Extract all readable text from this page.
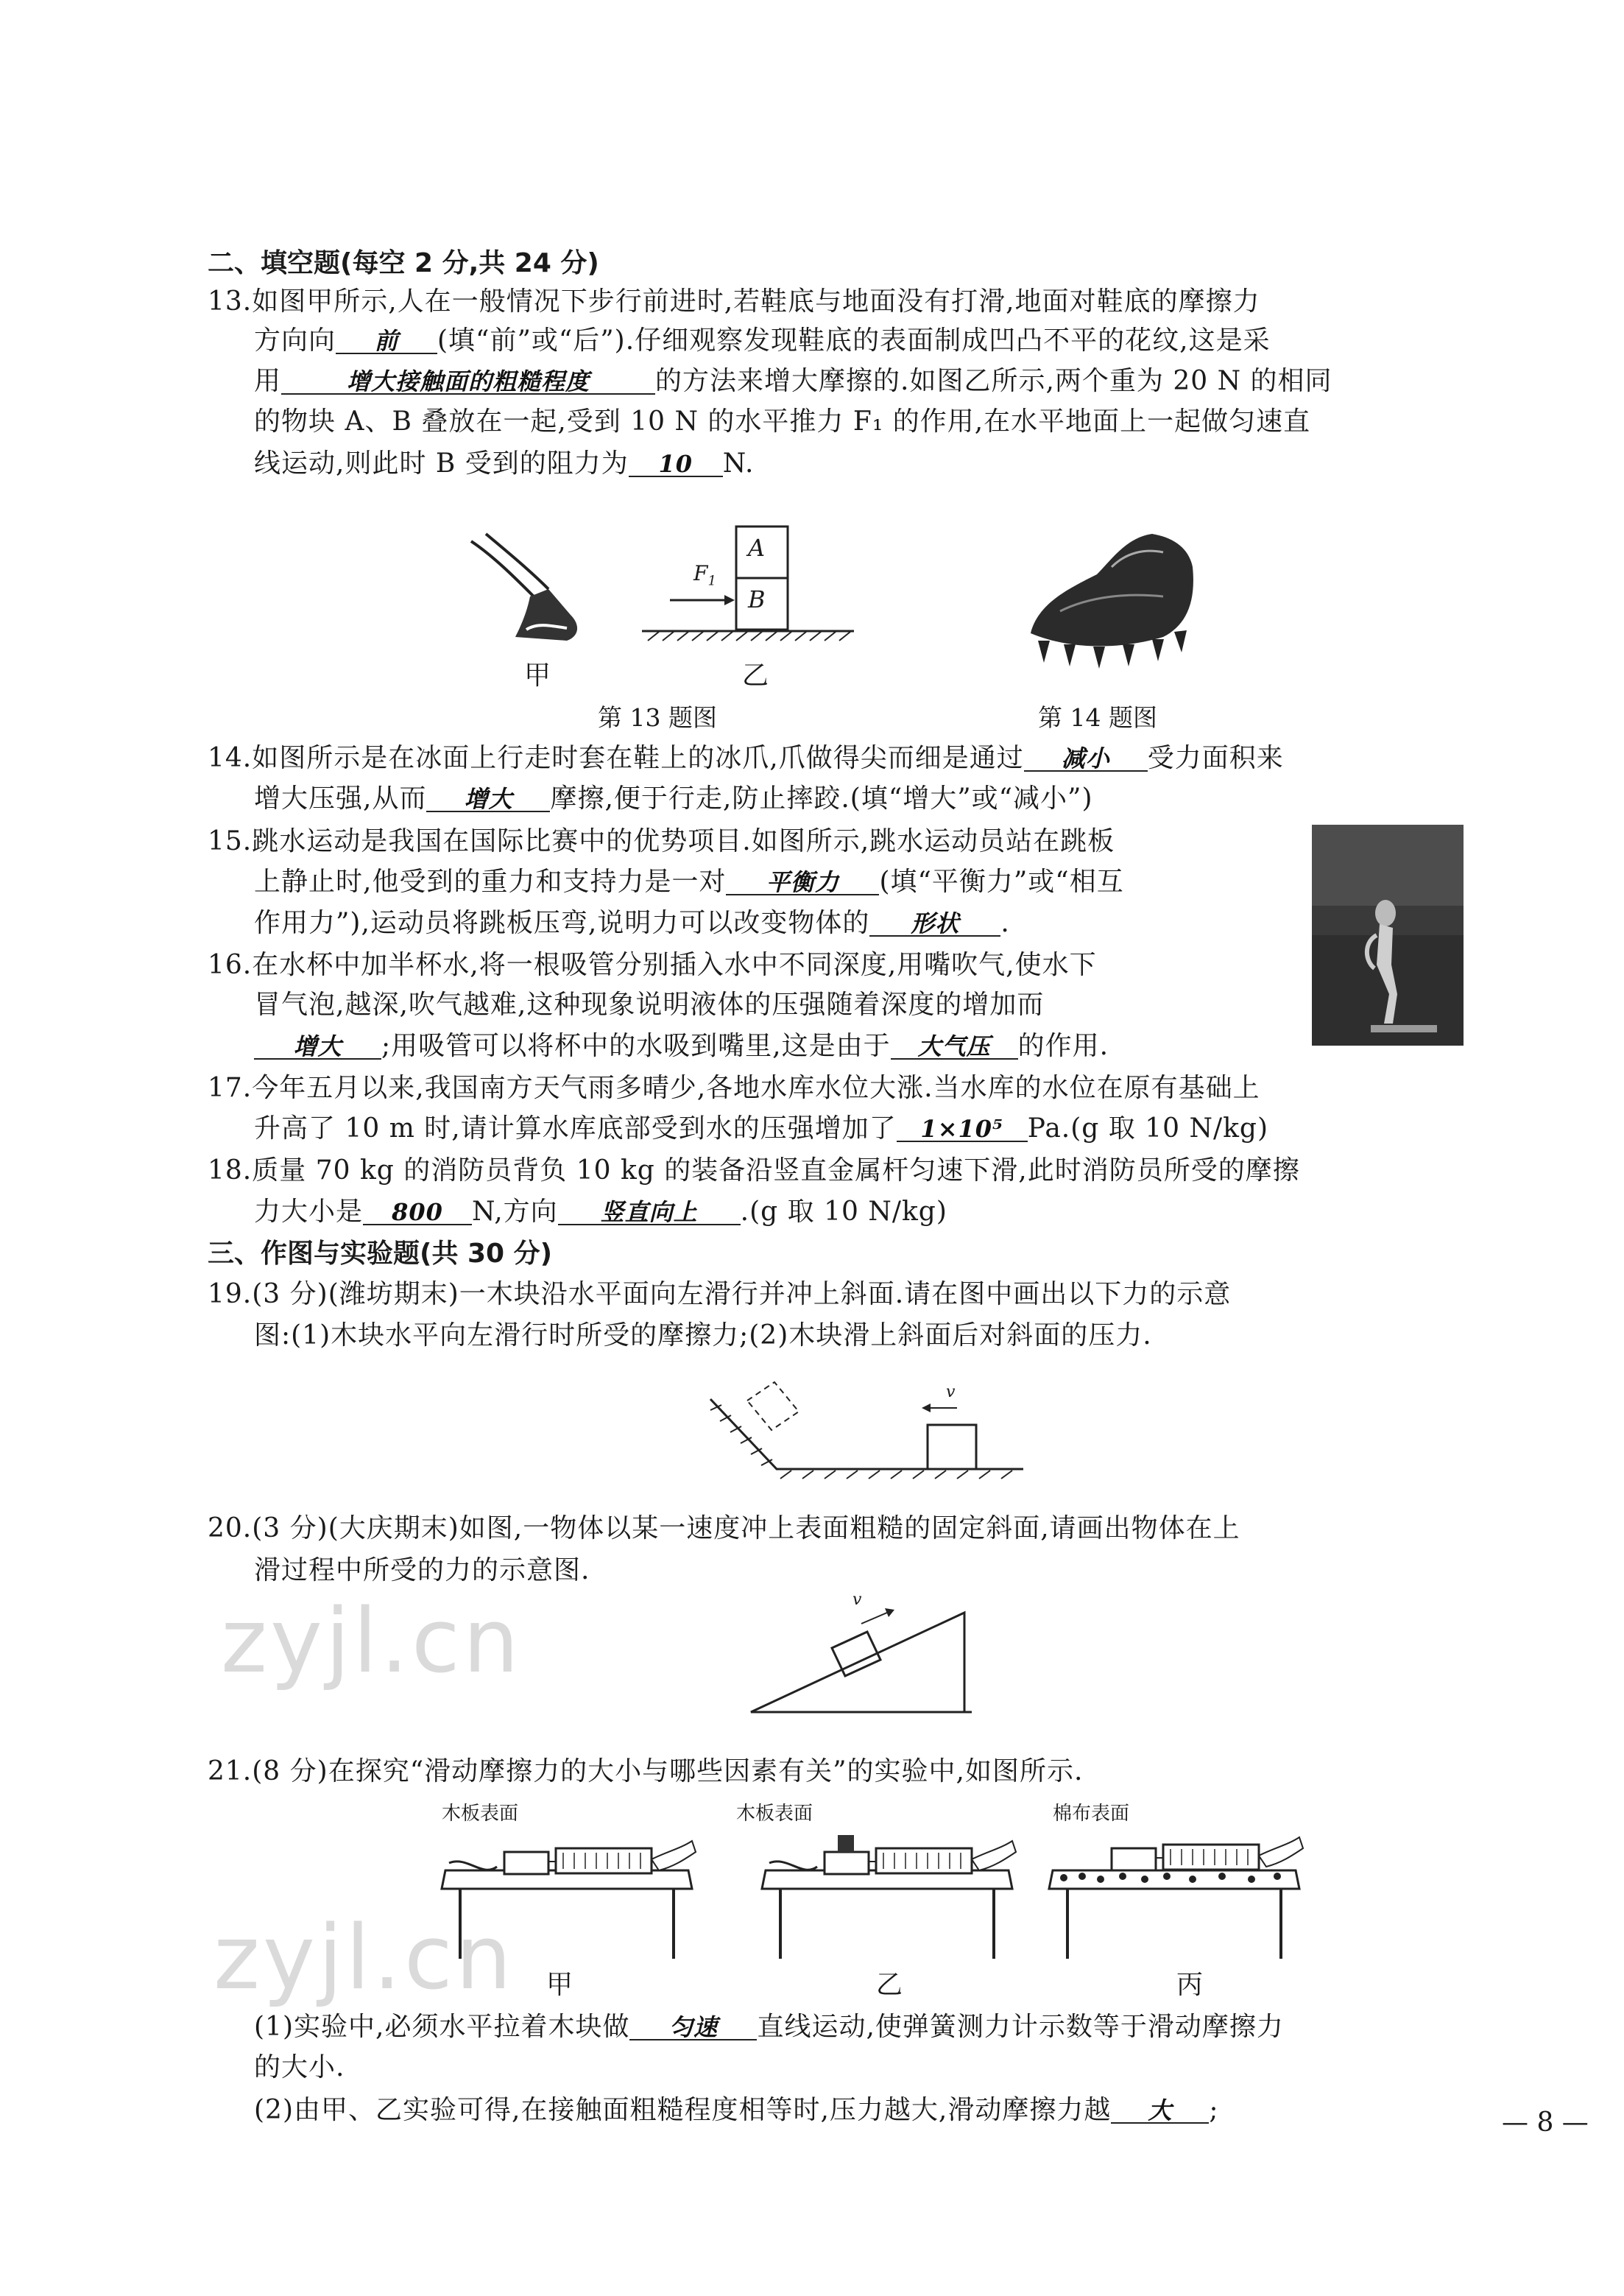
二、填空题(每空 2 分,共 24 分)
13.如图甲所示,人在一般情况下步行前进时,若鞋底与地面没有打滑,地面对鞋底的摩擦力
方向向 前 (填“前”或“后”).仔细观察发现鞋底的表面制成凹凸不平的花纹,这是采
用	增大接触面的粗糙程度 的方法来增大摩擦的.如图乙所示,两个重为 20 N 的相同
的物块 A、B 叠放在一起,受到 10 N 的水平推力 F₁ 的作用,在水平地面上一起做匀速直
线运动,则此时 B 受到的阻力为 10 N.
甲
A
B
$F_1$
乙
第 13 题图	第 14 题图
14.如图所示是在冰面上行走时套在鞋上的冰爪,爪做得尖而细是通过 减小 受力面积来
增大压强,从而 增大 摩擦,便于行走,防止摔跤.(填“增大”或“减小”)
15.跳水运动是我国在国际比赛中的优势项目.如图所示,跳水运动员站在跳板
上静止时,他受到的重力和支持力是一对 平衡力 (填“平衡力”或“相互
作用力”),运动员将跳板压弯,说明力可以改变物体的 形状 .
16.在水杯中加半杯水,将一根吸管分别插入水中不同深度,用嘴吹气,使水下
冒气泡,越深,吹气越难,这种现象说明液体的压强随着深度的增加而
增大 ;用吸管可以将杯中的水吸到嘴里,这是由于 大气压 的作用.
17.今年五月以来,我国南方天气雨多晴少,各地水库水位大涨.当水库的水位在原有基础上
升高了 10 m 时,请计算水库底部受到水的压强增加了 1×10⁵ Pa.(g 取 10 N/kg)
18.质量 70 kg 的消防员背负 10 kg 的装备沿竖直金属杆匀速下滑,此时消防员所受的摩擦
力大小是 800 N,方向 竖直向上 .(g 取 10 N/kg)
三、作图与实验题(共 30 分)
19.(3 分)(潍坊期末)一木块沿水平面向左滑行并冲上斜面.请在图中画出以下力的示意
图:(1)木块水平向左滑行时所受的摩擦力;(2)木块滑上斜面后对斜面的压力.
v
20.(3 分)(大庆期末)如图,一物体以某一速度冲上表面粗糙的固定斜面,请画出物体在上
滑过程中所受的力的示意图.
v
zyjl.cn
zyjl.cn
21.(8 分)在探究“滑动摩擦力的大小与哪些因素有关”的实验中,如图所示.
木板表面	木板表面	棉布表面
甲	乙	丙
(1)实验中,必须水平拉着木块做 匀速 直线运动,使弹簧测力计示数等于滑动摩擦力
的大小.
(2)由甲、乙实验可得,在接触面粗糙程度相等时,压力越大,滑动摩擦力越 大 ;	— 8 —
